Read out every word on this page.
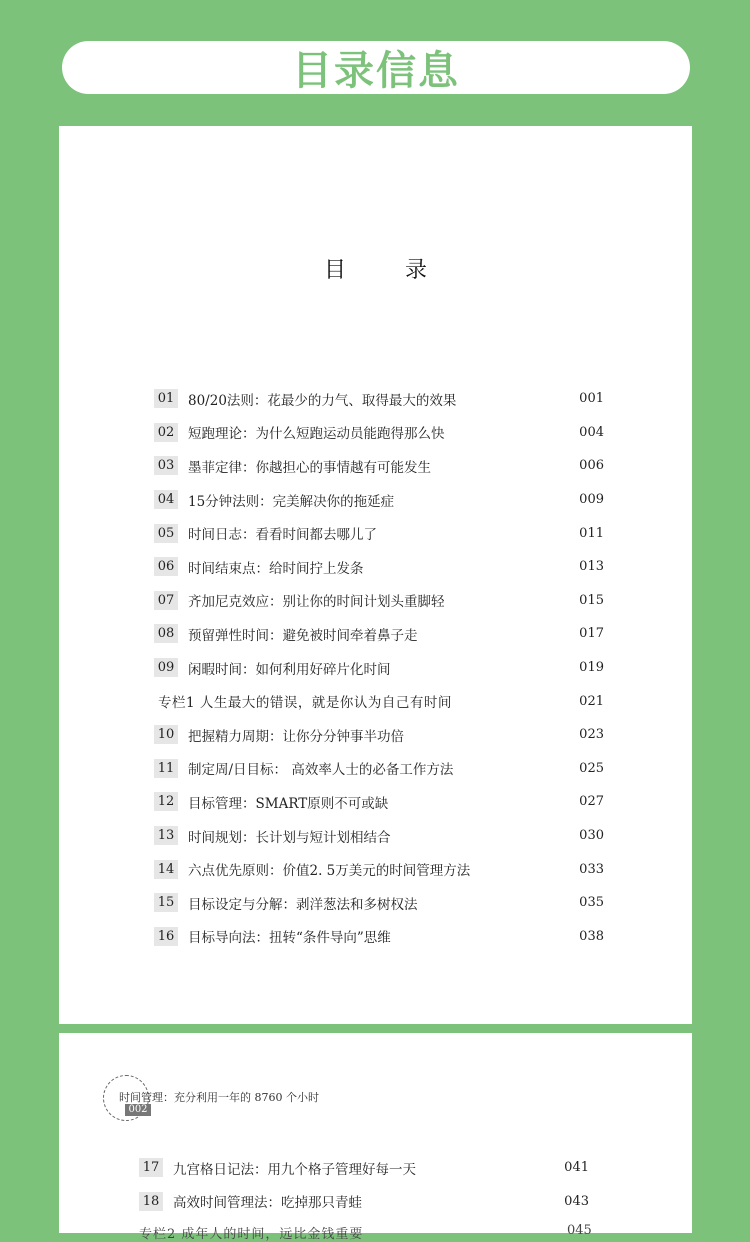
目录信息
目 录
01 80/20法则：花最少的力气、取得最大的效果	001
02 短跑理论：为什么短跑运动员能跑得那么快	004
03 墨菲定律：你越担心的事情越有可能发生	006
04 15分钟法则：完美解决你的拖延症	009
05 时间日志：看看时间都去哪儿了	011
06 时间结束点：给时间拧上发条	013
07 齐加尼克效应：别让你的时间计划头重脚轻	015
08 预留弹性时间：避免被时间牵着鼻子走	017
09 闲暇时间：如何利用好碎片化时间	019
专栏1 人生最大的错误，就是你认为自己有时间	021
10 把握精力周期：让你分分钟事半功倍	023
11 制定周/日目标： 高效率人士的必备工作方法	025
12 目标管理：SMART原则不可或缺	027
13 时间规划：长计划与短计划相结合	030
14 六点优先原则：价值2. 5万美元的时间管理方法	033
15 目标设定与分解：剥洋葱法和多树权法	035
16 目标导向法：扭转“条件导向”思维	038
时间管理：充分利用一年的 8760 个小时
002
17 九宫格日记法：用九个格子管理好每一天	041
18 高效时间管理法：吃掉那只青蛙	043
专栏2 成年人的时间，远比金钱重要	045
